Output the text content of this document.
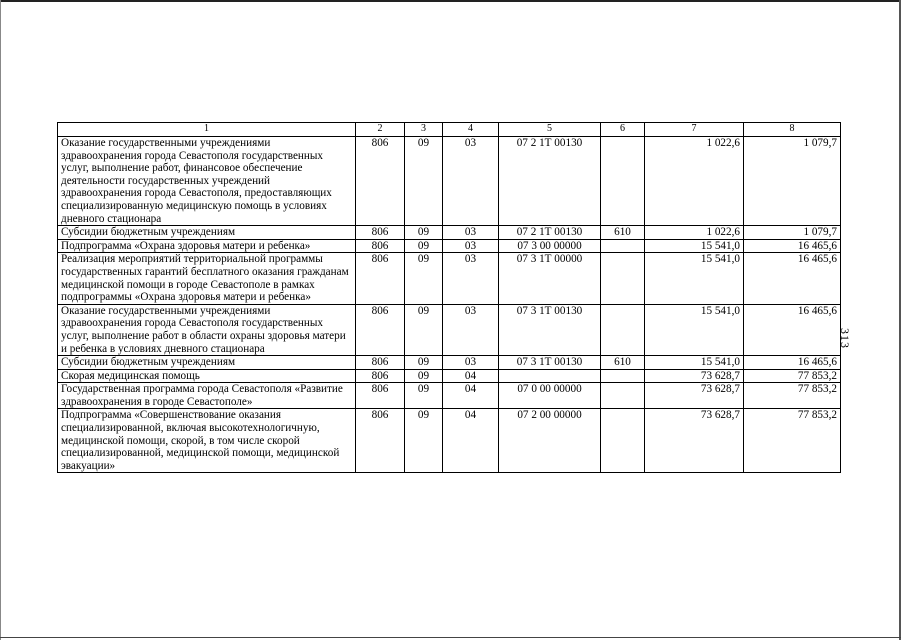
313
1	2	3	4	5	6	7	8
Оказание государственными учреждениями здравоохранения города Севастополя государственных услуг, выполнение работ, финансовое обеспечение деятельности государственных учреждений здравоохранения города Севастополя, предоставляющих специализированную медицинскую помощь в условиях дневного стационара	806	09	03	07 2 1Т 00130		1 022,6	1 079,7
Субсидии бюджетным учреждениям	806	09	03	07 2 1Т 00130	610	1 022,6	1 079,7
Подпрограмма «Охрана здоровья матери и ребенка»	806	09	03	07 3 00 00000		15 541,0	16 465,6
Реализация мероприятий территориальной программы государственных гарантий бесплатного оказания гражданам медицинской помощи в городе Севастополе в рамках подпрограммы «Охрана здоровья матери и ребенка»	806	09	03	07 3 1Т 00000		15 541,0	16 465,6
Оказание государственными учреждениями здравоохранения города Севастополя государственных услуг, выполнение работ в области охраны здоровья матери и ребенка в условиях дневного стационара	806	09	03	07 3 1Т 00130		15 541,0	16 465,6
Субсидии бюджетным учреждениям	806	09	03	07 3 1Т 00130	610	15 541,0	16 465,6
Скорая медицинская помощь	806	09	04			73 628,7	77 853,2
Государственная программа города Севастополя «Развитие здравоохранения в городе Севастополе»	806	09	04	07 0 00 00000		73 628,7	77 853,2
Подпрограмма «Совершенствование оказания специализированной, включая высокотехнологичную, медицинской помощи, скорой, в том числе скорой специализированной, медицинской помощи, медицинской эвакуации»	806	09	04	07 2 00 00000		73 628,7	77 853,2
